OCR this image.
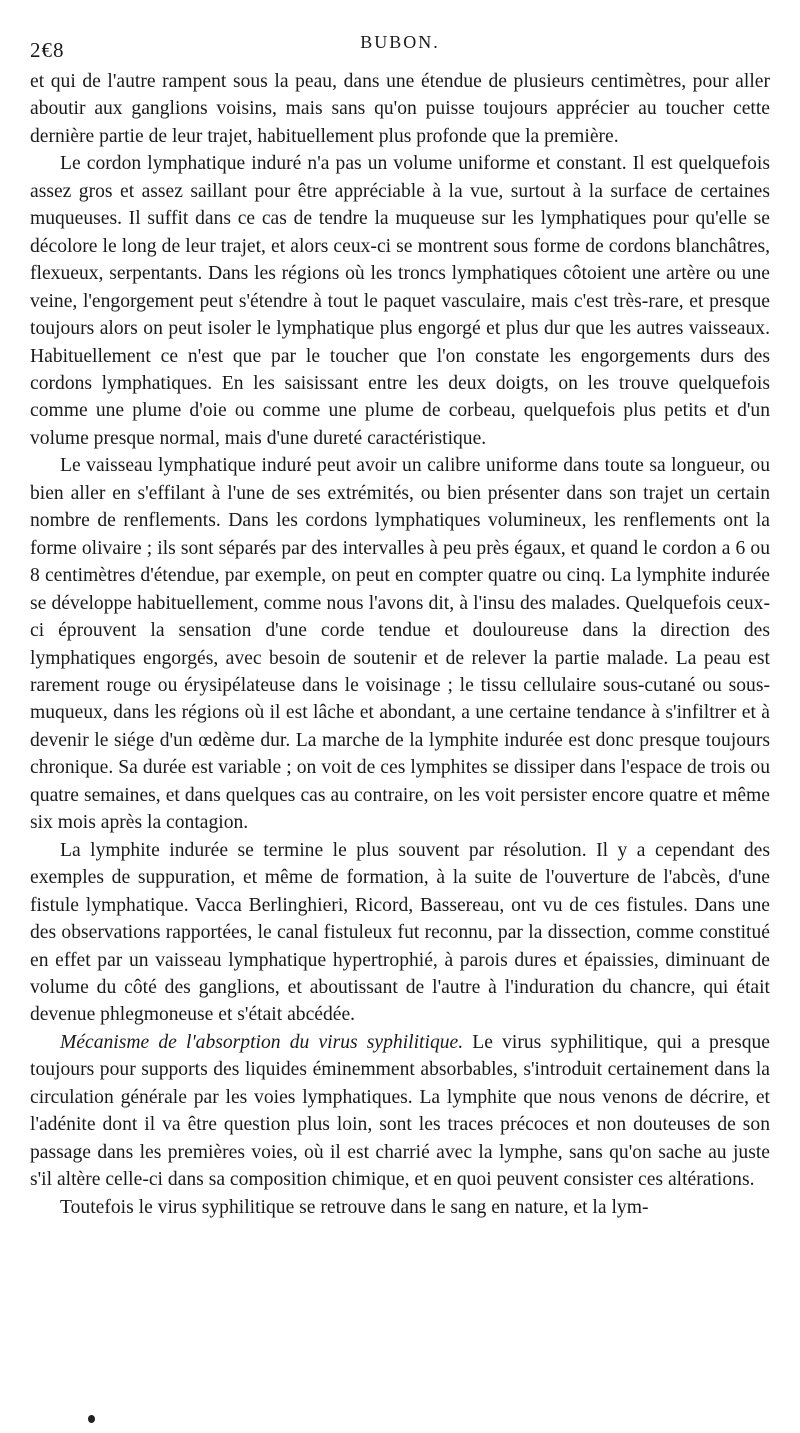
2€8	BUBON.

et qui de l'autre rampent sous la peau, dans une étendue de plusieurs centimètres, pour aller aboutir aux ganglions voisins, mais sans qu'on puisse toujours apprécier au toucher cette dernière partie de leur trajet, habituellement plus profonde que la première.

Le cordon lymphatique induré n'a pas un volume uniforme et constant. Il est quelquefois assez gros et assez saillant pour être appréciable à la vue, surtout à la surface de certaines muqueuses. Il suffit dans ce cas de tendre la muqueuse sur les lymphatiques pour qu'elle se décolore le long de leur trajet, et alors ceux-ci se montrent sous forme de cordons blanchâtres, flexueux, serpentants. Dans les régions où les troncs lymphatiques côtoient une artère ou une veine, l'engorgement peut s'étendre à tout le paquet vasculaire, mais c'est très-rare, et presque toujours alors on peut isoler le lymphatique plus engorgé et plus dur que les autres vaisseaux. Habituellement ce n'est que par le toucher que l'on constate les engorgements durs des cordons lymphatiques. En les saisissant entre les deux doigts, on les trouve quelquefois comme une plume d'oie ou comme une plume de corbeau, quelquefois plus petits et d'un volume presque normal, mais d'une dureté caractéristique.

Le vaisseau lymphatique induré peut avoir un calibre uniforme dans toute sa longueur, ou bien aller en s'effilant à l'une de ses extrémités, ou bien présenter dans son trajet un certain nombre de renflements. Dans les cordons lymphatiques volumineux, les renflements ont la forme olivaire ; ils sont séparés par des intervalles à peu près égaux, et quand le cordon a 6 ou 8 centimètres d'étendue, par exemple, on peut en compter quatre ou cinq. La lymphite indurée se développe habituellement, comme nous l'avons dit, à l'insu des malades. Quelquefois ceux-ci éprouvent la sensation d'une corde tendue et douloureuse dans la direction des lymphatiques engorgés, avec besoin de soutenir et de relever la partie malade. La peau est rarement rouge ou érysipélateuse dans le voisinage ; le tissu cellulaire sous-cutané ou sous-muqueux, dans les régions où il est lâche et abondant, a une certaine tendance à s'infiltrer et à devenir le siége d'un œdème dur. La marche de la lymphite indurée est donc presque toujours chronique. Sa durée est variable ; on voit de ces lymphites se dissiper dans l'espace de trois ou quatre semaines, et dans quelques cas au contraire, on les voit persister encore quatre et même six mois après la contagion.

La lymphite indurée se termine le plus souvent par résolution. Il y a cependant des exemples de suppuration, et même de formation, à la suite de l'ouverture de l'abcès, d'une fistule lymphatique. Vacca Berlinghieri, Ricord, Bassereau, ont vu de ces fistules. Dans une des observations rapportées, le canal fistuleux fut reconnu, par la dissection, comme constitué en effet par un vaisseau lymphatique hypertrophié, à parois dures et épaissies, diminuant de volume du côté des ganglions, et aboutissant de l'autre à l'induration du chancre, qui était devenue phlegmoneuse et s'était abcédée.

Mécanisme de l'absorption du virus syphilitique. Le virus syphilitique, qui a presque toujours pour supports des liquides éminemment absorbables, s'introduit certainement dans la circulation générale par les voies lymphatiques. La lymphite que nous venons de décrire, et l'adénite dont il va être question plus loin, sont les traces précoces et non douteuses de son passage dans les premières voies, où il est charrié avec la lymphe, sans qu'on sache au juste s'il altère celle-ci dans sa composition chimique, et en quoi peuvent consister ces altérations.

Toutefois le virus syphilitique se retrouve dans le sang en nature, et la lym-
